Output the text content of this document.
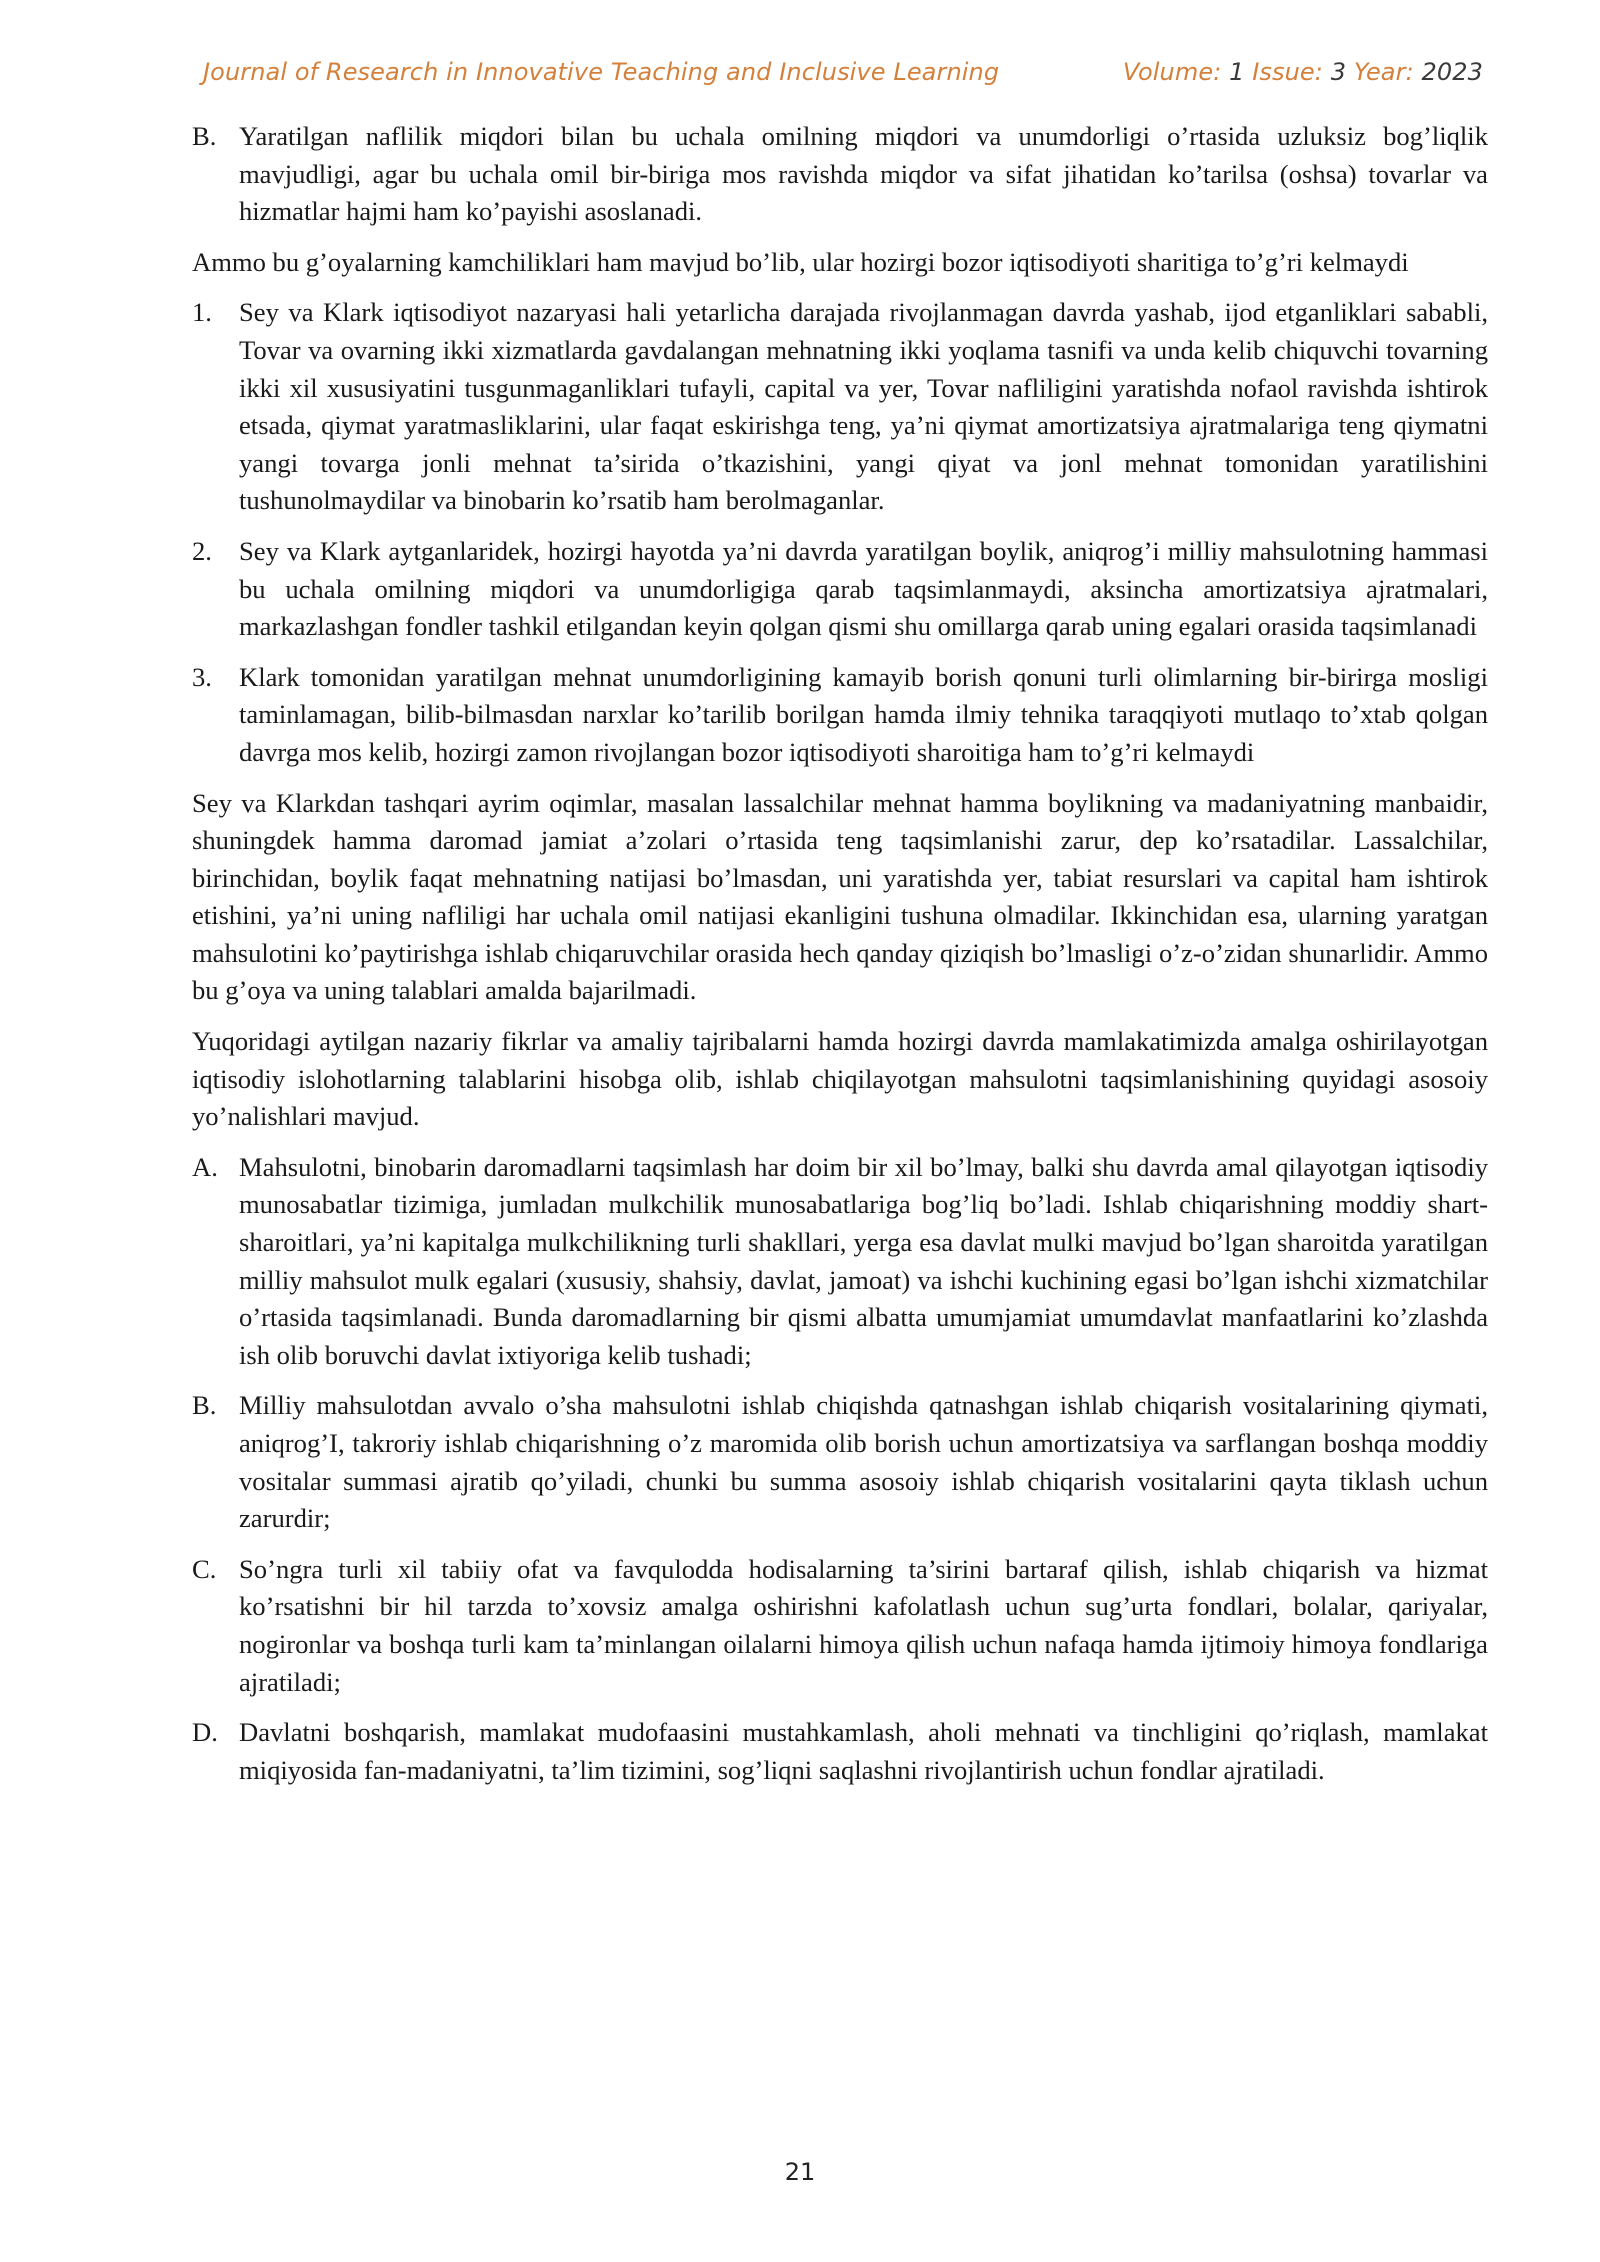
Journal of Research in Innovative Teaching and Inclusive Learning	Volume: 1 Issue: 3 Year: 2023
B. Yaratilgan naflilik miqdori bilan bu uchala omilning miqdori va unumdorligi o’rtasida uzluksiz bog’liqlik mavjudligi, agar bu uchala omil bir-biriga mos ravishda miqdor va sifat jihatidan ko’tarilsa (oshsa) tovarlar va hizmatlar hajmi ham ko’payishi asoslanadi.

Ammo bu g’oyalarning kamchiliklari ham mavjud bo’lib, ular hozirgi bozor iqtisodiyoti sharitiga to’g’ri kelmaydi

1. Sey va Klark iqtisodiyot nazaryasi hali yetarlicha darajada rivojlanmagan davrda yashab, ijod etganliklari sababli, Tovar va ovarning ikki xizmatlarda gavdalangan mehnatning ikki yoqlama tasnifi va unda kelib chiquvchi tovarning ikki xil xususiyatini tusgunmaganliklari tufayli, capital va yer, Tovar nafliligini yaratishda nofaol ravishda ishtirok etsada, qiymat yaratmasliklarini, ular faqat eskirishga teng, ya’ni qiymat amortizatsiya ajratmalariga teng qiymatni yangi tovarga jonli mehnat ta’sirida o’tkazishini, yangi qiyat va jonl mehnat tomonidan yaratilishini tushunolmaydilar va binobarin ko’rsatib ham berolmaganlar.
2. Sey va Klark aytganlaridek, hozirgi hayotda ya’ni davrda yaratilgan boylik, aniqrog’i milliy mahsulotning hammasi bu uchala omilning miqdori va unumdorligiga qarab taqsimlanmaydi, aksincha amortizatsiya ajratmalari, markazlashgan fondler tashkil etilgandan keyin qolgan qismi shu omillarga qarab uning egalari orasida taqsimlanadi
3. Klark tomonidan yaratilgan mehnat unumdorligining kamayib borish qonuni turli olimlarning bir-birirga mosligi taminlamagan, bilib-bilmasdan narxlar ko’tarilib borilgan hamda ilmiy tehnika taraqqiyoti mutlaqo to’xtab qolgan davrga mos kelib, hozirgi zamon rivojlangan bozor iqtisodiyoti sharoitiga ham to’g’ri kelmaydi

Sey va Klarkdan tashqari ayrim oqimlar, masalan lassalchilar mehnat hamma boylikning va madaniyatning manbaidir, shuningdek hamma daromad jamiat a’zolari o’rtasida teng taqsimlanishi zarur, dep ko’rsatadilar. Lassalchilar, birinchidan, boylik faqat mehnatning natijasi bo’lmasdan, uni yaratishda yer, tabiat resurslari va capital ham ishtirok etishini, ya’ni uning nafliligi har uchala omil natijasi ekanligini tushuna olmadilar. Ikkinchidan esa, ularning yaratgan mahsulotini ko’paytirishga ishlab chiqaruvchilar orasida hech qanday qiziqish bo’lmasligi o’z-o’zidan shunarlidir. Ammo bu g’oya va uning talablari amalda bajarilmadi.

Yuqoridagi aytilgan nazariy fikrlar va amaliy tajribalarni hamda hozirgi davrda mamlakatimizda amalga oshirilayotgan iqtisodiy islohotlarning talablarini hisobga olib, ishlab chiqilayotgan mahsulotni taqsimlanishining quyidagi asosoiy yo’nalishlari mavjud.

A. Mahsulotni, binobarin daromadlarni taqsimlash har doim bir xil bo’lmay, balki shu davrda amal qilayotgan iqtisodiy munosabatlar tizimiga, jumladan mulkchilik munosabatlariga bog’liq bo’ladi. Ishlab chiqarishning moddiy shart-sharoitlari, ya’ni kapitalga mulkchilikning turli shakllari, yerga esa davlat mulki mavjud bo’lgan sharoitda yaratilgan milliy mahsulot mulk egalari (xususiy, shahsiy, davlat, jamoat) va ishchi kuchining egasi bo’lgan ishchi xizmatchilar o’rtasida taqsimlanadi. Bunda daromadlarning bir qismi albatta umumjamiat umumdavlat manfaatlarini ko’zlashda ish olib boruvchi davlat ixtiyoriga kelib tushadi;
B. Milliy mahsulotdan avvalo o’sha mahsulotni ishlab chiqishda qatnashgan ishlab chiqarish vositalarining qiymati, aniqrog’I, takroriy ishlab chiqarishning o’z maromida olib borish uchun amortizatsiya va sarflangan boshqa moddiy vositalar summasi ajratib qo’yiladi, chunki bu summa asosoiy ishlab chiqarish vositalarini qayta tiklash uchun zarurdir;
C. So’ngra turli xil tabiiy ofat va favqulodda hodisalarning ta’sirini bartaraf qilish, ishlab chiqarish va hizmat ko’rsatishni bir hil tarzda to’xovsiz amalga oshirishni kafolatlash uchun sug’urta fondlari, bolalar, qariyalar, nogironlar va boshqa turli kam ta’minlangan oilalarni himoya qilish uchun nafaqa hamda ijtimoiy himoya fondlariga ajratiladi;
D. Davlatni boshqarish, mamlakat mudofaasini mustahkamlash, aholi mehnati va tinchligini qo’riqlash, mamlakat miqiyosida fan-madaniyatni, ta’lim tizimini, sog’liqni saqlashni rivojlantirish uchun fondlar ajratiladi.
21
